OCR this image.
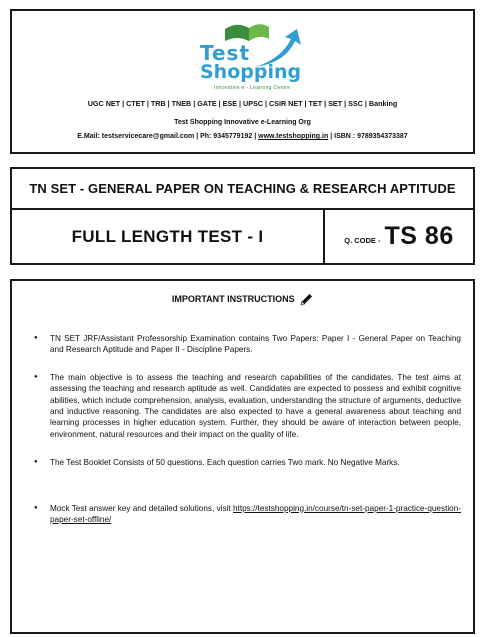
Test
Shopping
Innovative e - Learning Centre
UGC NET | CTET | TRB | TNEB | GATE | ESE | UPSC | CSIR NET | TET | SET | SSC | Banking
Test Shopping Innovative e-Learning Org
E.Mail: testservicecare@gmail.com | Ph: 9345779192 | www.testshopping.in | ISBN : 9789354373387
TN SET - GENERAL PAPER ON TEACHING & RESEARCH APTITUDE
FULL LENGTH TEST - I	Q. CODE - TS 86
IMPORTANT INSTRUCTIONS
● TN SET JRF/Assistant Professorship Examination contains Two Papers: Paper I - General Paper on Teaching and Research Aptitude and Paper II - Discipline Papers.
● The main objective is to assess the teaching and research capabilities of the candidates. The test aims at assessing the teaching and research aptitude as well. Candidates are expected to possess and exhibit cognitive abilities, which include comprehension, analysis, evaluation, understanding the structure of arguments, deductive and inductive reasoning. The candidates are also expected to have a general awareness about teaching and learning processes in higher education system. Further, they should be aware of interaction between people, environment, natural resources and their impact on the quality of life.
● The Test Booklet Consists of 50 questions. Each question carries Two mark. No Negative Marks.
● Mock Test answer key and detailed solutions, visit https://testshopping.in/course/tn-set-paper-1-practice-question-paper-set-offline/
